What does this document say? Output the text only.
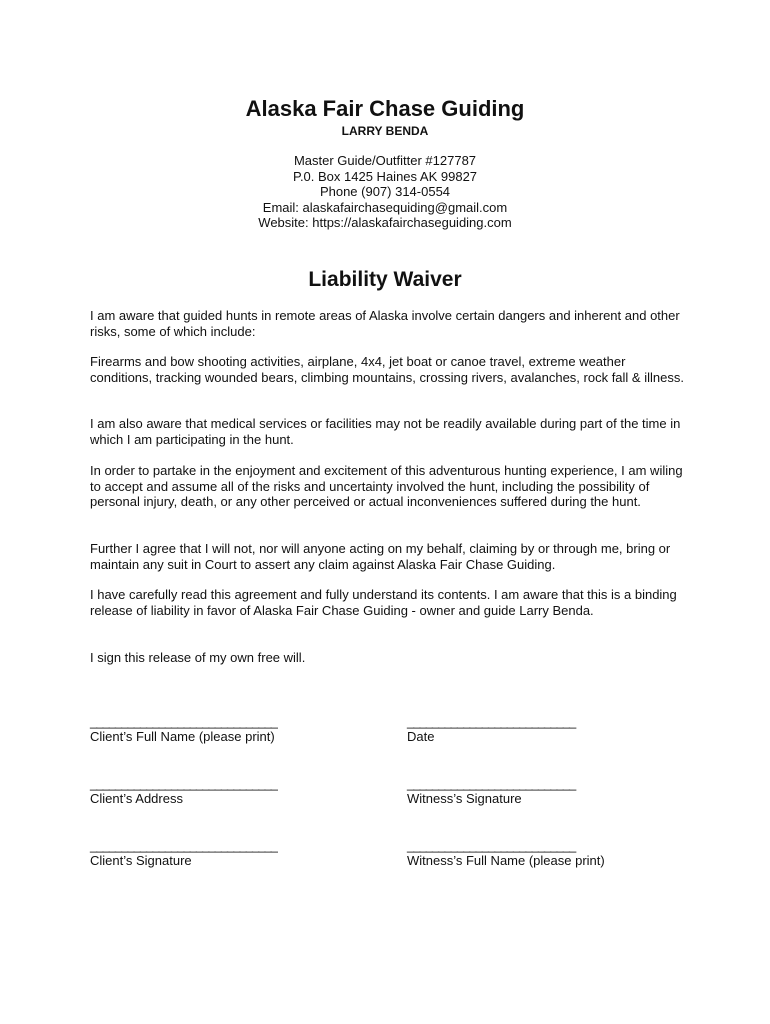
Alaska Fair Chase Guiding
LARRY BENDA
Master Guide/Outfitter #127787
P.0. Box 1425 Haines AK 99827
Phone (907) 314-0554
Email: alaskafairchasequiding@gmail.com
Website: https://alaskafairchaseguiding.com
Liability Waiver
I am aware that guided hunts in remote areas of Alaska involve certain dangers and inherent and other risks, some of which include:
Firearms and bow shooting activities, airplane, 4x4, jet boat or canoe travel, extreme weather conditions, tracking wounded bears, climbing mountains, crossing rivers, avalanches, rock fall & illness.
I am also aware that medical services or facilities may not be readily available during part of the time in which I am participating in the hunt.
In order to partake in the enjoyment and excitement of this adventurous hunting experience, I am wiling to accept and assume all of the risks and uncertainty involved the hunt, including the possibility of personal injury, death, or any other perceived or actual inconveniences suffered during the hunt.
Further I agree that I will not, nor will anyone acting on my behalf, claiming by or through me, bring or maintain any suit in Court to assert any claim against Alaska Fair Chase Guiding.
I have carefully read this agreement and fully understand its contents. I am aware that this is a binding release of liability in favor of Alaska Fair Chase Guiding - owner and guide Larry Benda.
I sign this release of my own free will.
______________________________
Client’s Full Name (please print)
___________________________
Date
______________________________
Client’s Address
___________________________
Witness’s Signature
______________________________
Client’s Signature
___________________________
Witness’s Full Name (please print)
